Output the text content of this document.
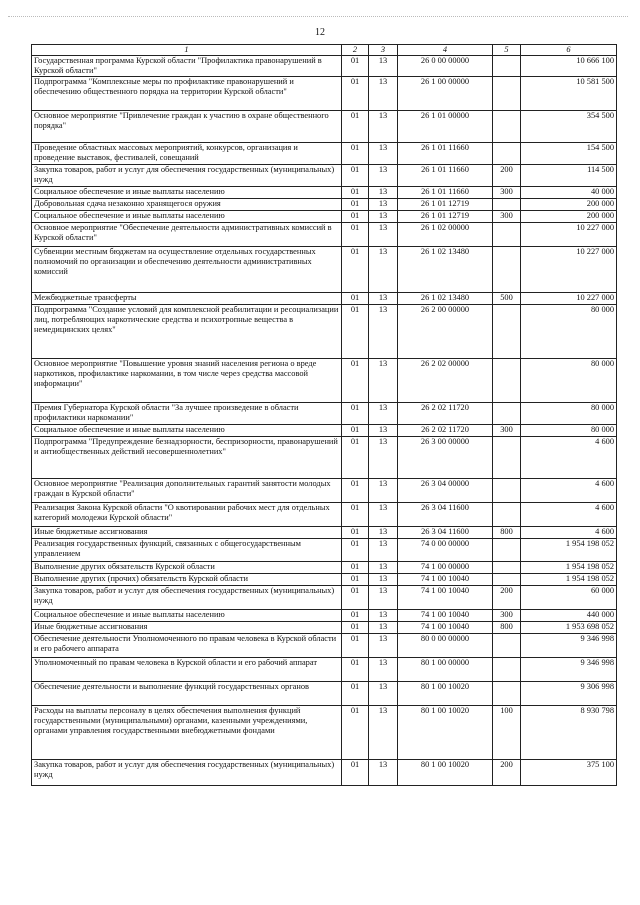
12
1	2	3	4	5	6
Государственная программа Курской области "Профилактика правонарушений в Курской области"	01	13	26 0 00 00000		10 666 100
Подпрограмма "Комплексные меры по профилактике правонарушений и обеспечению общественного порядка на территории Курской области"	01	13	26 1 00 00000		10 581 500
Основное мероприятие "Привлечение граждан к участию в охране общественного порядка"	01	13	26 1 01 00000		354 500
Проведение областных массовых мероприятий, конкурсов, организация и проведение выставок, фестивалей, совещаний	01	13	26 1 01 11660		154 500
Закупка товаров, работ и услуг для обеспечения государственных (муниципальных) нужд	01	13	26 1 01 11660	200	114 500
Социальное обеспечение и иные выплаты населению	01	13	26 1 01 11660	300	40 000
Добровольная сдача незаконно хранящегося оружия	01	13	26 1 01 12719		200 000
Социальное обеспечение и иные выплаты населению	01	13	26 1 01 12719	300	200 000
Основное мероприятие "Обеспечение деятельности административных комиссий в Курской области"	01	13	26 1 02 00000		10 227 000
Субвенции местным бюджетам на осуществление отдельных государственных полномочий по организации и обеспечению деятельности административных комиссий	01	13	26 1 02 13480		10 227 000
Межбюджетные трансферты	01	13	26 1 02 13480	500	10 227 000
Подпрограмма "Создание условий для комплексной реабилитации и ресоциализации лиц, потребляющих наркотические средства и психотропные вещества в немедицинских целях"	01	13	26 2 00 00000		80 000
Основное мероприятие "Повышение уровня знаний населения региона о вреде наркотиков, профилактике наркомании, в том числе через средства массовой информации"	01	13	26 2 02 00000		80 000
Премия Губернатора Курской области "За лучшее произведение в области профилактики наркомании"	01	13	26 2 02 11720		80 000
Социальное обеспечение и иные выплаты населению	01	13	26 2 02 11720	300	80 000
Подпрограмма "Предупреждение безнадзорности, беспризорности, правонарушений и антиобщественных действий несовершеннолетних"	01	13	26 3 00 00000		4 600
Основное мероприятие "Реализация дополнительных гарантий занятости молодых граждан в Курской области"	01	13	26 3 04 00000		4 600
Реализация Закона Курской области "О квотировании рабочих мест для отдельных категорий молодежи Курской области"	01	13	26 3 04 11600		4 600
Иные бюджетные ассигнования	01	13	26 3 04 11600	800	4 600
Реализация государственных функций, связанных с общегосударственным управлением	01	13	74 0 00 00000		1 954 198 052
Выполнение других обязательств Курской области	01	13	74 1 00 00000		1 954 198 052
Выполнение других (прочих) обязательств Курской области	01	13	74 1 00 10040		1 954 198 052
Закупка товаров, работ и услуг для обеспечения государственных (муниципальных) нужд	01	13	74 1 00 10040	200	60 000
Социальное обеспечение и иные выплаты населению	01	13	74 1 00 10040	300	440 000
Иные бюджетные ассигнования	01	13	74 1 00 10040	800	1 953 698 052
Обеспечение деятельности Уполномоченного по правам человека в Курской области и его рабочего аппарата	01	13	80 0 00 00000		9 346 998
Уполномоченный по правам человека в Курской области и его рабочий аппарат	01	13	80 1 00 00000		9 346 998
Обеспечение деятельности и выполнение функций государственных органов	01	13	80 1 00 10020		9 306 998
Расходы на выплаты персоналу в целях обеспечения выполнения функций государственными (муниципальными) органами, казенными учреждениями, органами управления государственными внебюджетными фондами	01	13	80 1 00 10020	100	8 930 798
Закупка товаров, работ и услуг для обеспечения государственных (муниципальных) нужд	01	13	80 1 00 10020	200	375 100
